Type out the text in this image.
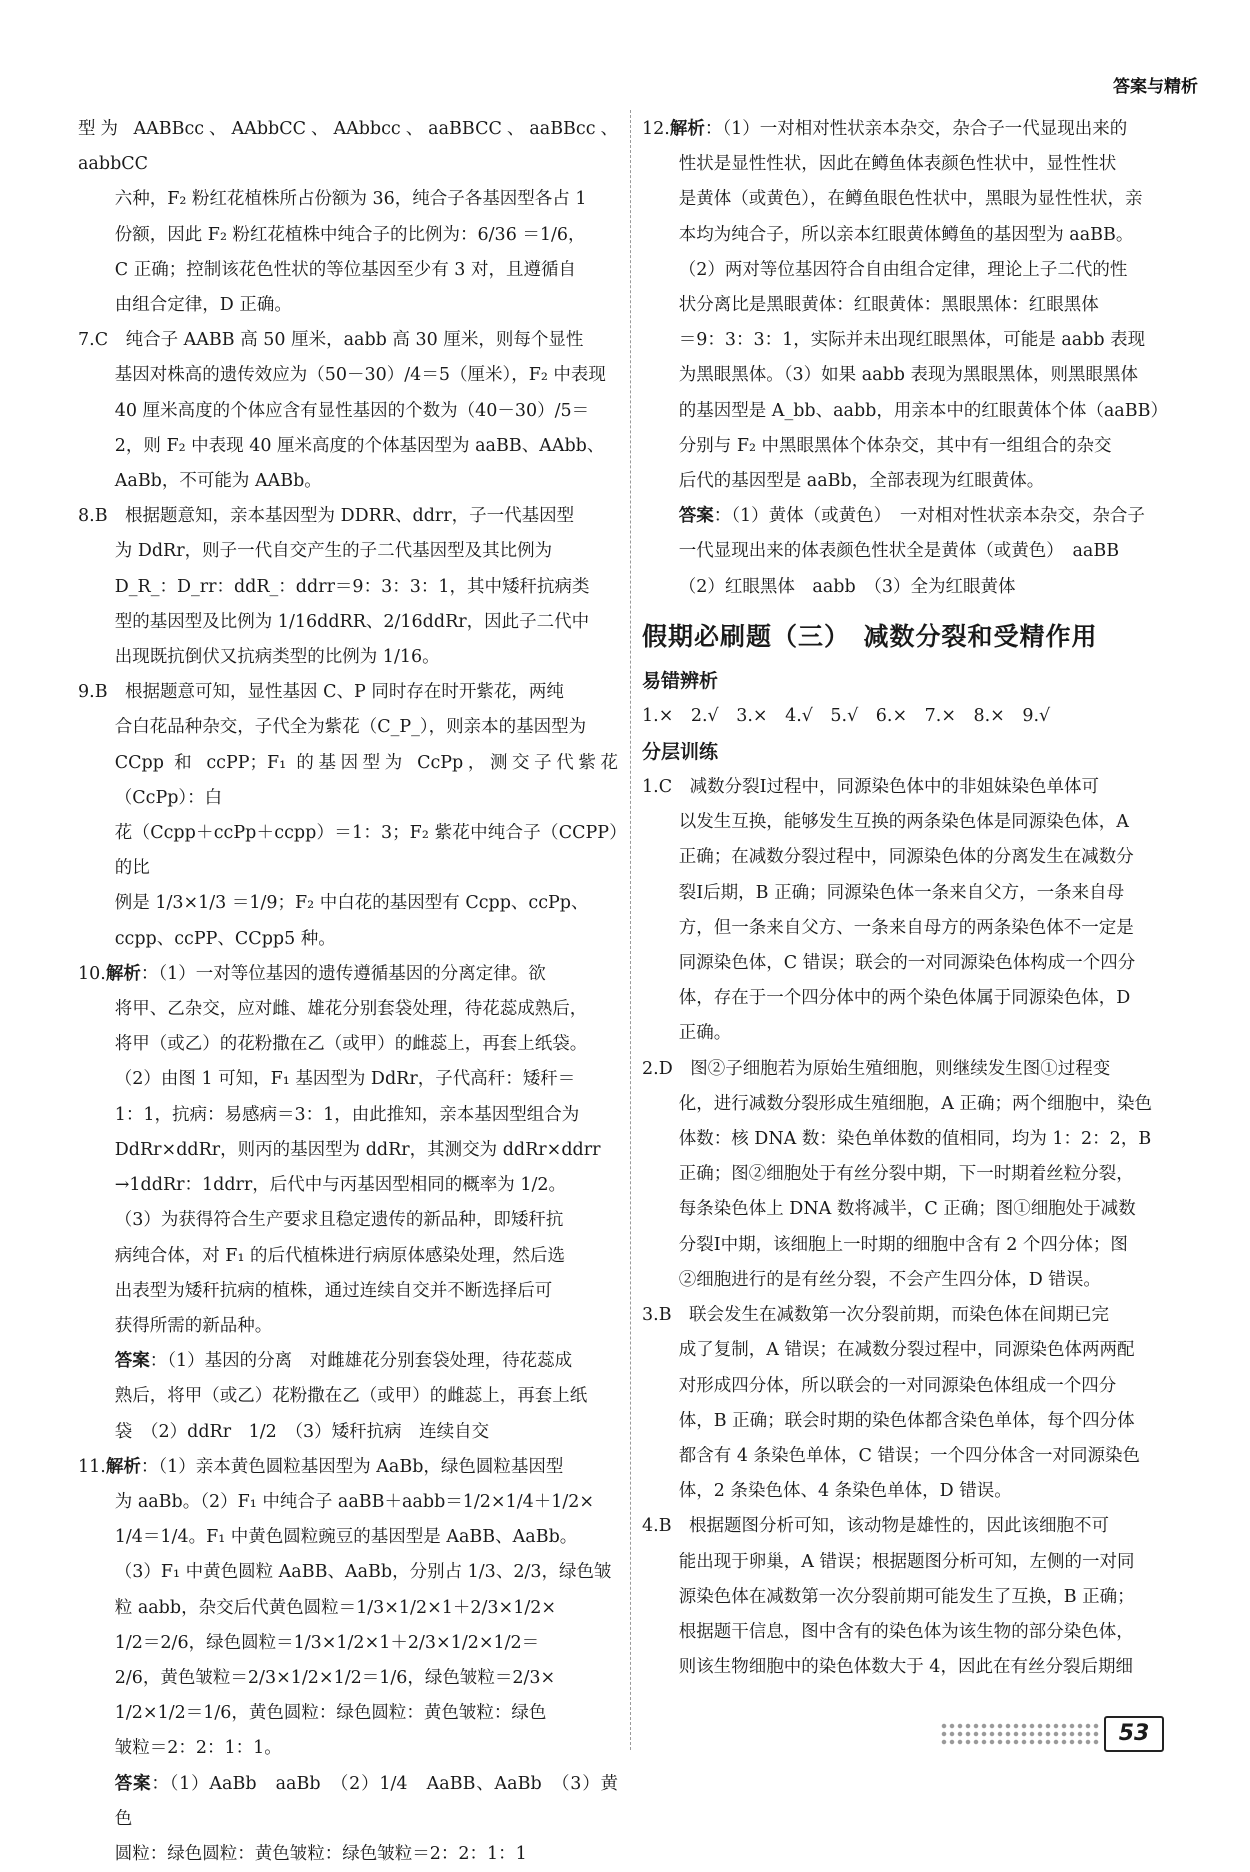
答案与精析

型为 AABBcc、AAbbCC、AAbbcc、aaBBCC、aaBBcc、aabbCC

六种，F₂ 粉红花植株所占份额为 36，纯合子各基因型各占 1

份额，因此 F₂ 粉红花植株中纯合子的比例为：6/36 ＝1/6，

C 正确；控制该花色性状的等位基因至少有 3 对，且遵循自

由组合定律，D 正确。

7.C　纯合子 AABB 高 50 厘米，aabb 高 30 厘米，则每个显性

基因对株高的遗传效应为（50－30）/4＝5（厘米），F₂ 中表现

40 厘米高度的个体应含有显性基因的个数为（40－30）/5＝

2，则 F₂ 中表现 40 厘米高度的个体基因型为 aaBB、AAbb、

AaBb，不可能为 AABb。

8.B　根据题意知，亲本基因型为 DDRR、ddrr，子一代基因型

为 DdRr，则子一代自交产生的子二代基因型及其比例为

D_R_：D_rr：ddR_：ddrr＝9：3：3：1，其中矮秆抗病类

型的基因型及比例为 1/16ddRR、2/16ddRr，因此子二代中

出现既抗倒伏又抗病类型的比例为 1/16。

9.B　根据题意可知，显性基因 C、P 同时存在时开紫花，两纯

合白花品种杂交，子代全为紫花（C_P_），则亲本的基因型为

CCpp 和 ccPP；F₁ 的基因型为 CcPp，测交子代紫花（CcPp）：白

花（Ccpp＋ccPp＋ccpp）＝1：3；F₂ 紫花中纯合子（CCPP）的比

例是 1/3×1/3 ＝1/9；F₂ 中白花的基因型有 Ccpp、ccPp、

ccpp、ccPP、CCpp5 种。

10.解析：（1）一对等位基因的遗传遵循基因的分离定律。欲

将甲、乙杂交，应对雌、雄花分别套袋处理，待花蕊成熟后，

将甲（或乙）的花粉撒在乙（或甲）的雌蕊上，再套上纸袋。

（2）由图 1 可知，F₁ 基因型为 DdRr，子代高秆：矮秆＝

1：1，抗病：易感病＝3：1，由此推知，亲本基因型组合为

DdRr×ddRr，则丙的基因型为 ddRr，其测交为 ddRr×ddrr

→1ddRr：1ddrr，后代中与丙基因型相同的概率为 1/2。

（3）为获得符合生产要求且稳定遗传的新品种，即矮秆抗

病纯合体，对 F₁ 的后代植株进行病原体感染处理，然后选

出表型为矮秆抗病的植株，通过连续自交并不断选择后可

获得所需的新品种。

答案：（1）基因的分离　对雌雄花分别套袋处理，待花蕊成

熟后，将甲（或乙）花粉撒在乙（或甲）的雌蕊上，再套上纸

袋　（2）ddRr　1/2　（3）矮秆抗病　连续自交

11.解析：（1）亲本黄色圆粒基因型为 AaBb，绿色圆粒基因型

为 aaBb。（2）F₁ 中纯合子 aaBB＋aabb＝1/2×1/4＋1/2×

1/4＝1/4。F₁ 中黄色圆粒豌豆的基因型是 AaBB、AaBb。

（3）F₁ 中黄色圆粒 AaBB、AaBb，分别占 1/3、2/3，绿色皱

粒 aabb，杂交后代黄色圆粒＝1/3×1/2×1＋2/3×1/2×

1/2＝2/6，绿色圆粒＝1/3×1/2×1＋2/3×1/2×1/2＝

2/6，黄色皱粒＝2/3×1/2×1/2＝1/6，绿色皱粒＝2/3×

1/2×1/2＝1/6，黄色圆粒：绿色圆粒：黄色皱粒：绿色

皱粒＝2：2：1：1。

答案：（1）AaBb　aaBb　（2）1/4　AaBB、AaBb　（3）黄色

圆粒：绿色圆粒：黄色皱粒：绿色皱粒＝2：2：1：1

12.解析：（1）一对相对性状亲本杂交，杂合子一代显现出来的

性状是显性性状，因此在鳟鱼体表颜色性状中，显性性状

是黄体（或黄色），在鳟鱼眼色性状中，黑眼为显性性状，亲

本均为纯合子，所以亲本红眼黄体鳟鱼的基因型为 aaBB。

（2）两对等位基因符合自由组合定律，理论上子二代的性

状分离比是黑眼黄体：红眼黄体：黑眼黑体：红眼黑体

＝9：3：3：1，实际并未出现红眼黑体，可能是 aabb 表现

为黑眼黑体。（3）如果 aabb 表现为黑眼黑体，则黑眼黑体

的基因型是 A_bb、aabb，用亲本中的红眼黄体个体（aaBB）

分别与 F₂ 中黑眼黑体个体杂交，其中有一组组合的杂交

后代的基因型是 aaBb，全部表现为红眼黄体。

答案：（1）黄体（或黄色）　一对相对性状亲本杂交，杂合子

一代显现出来的体表颜色性状全是黄体（或黄色）　aaBB

（2）红眼黑体　aabb　（3）全为红眼黄体

假期必刷题（三）　减数分裂和受精作用

易错辨析

1.×　2.√　3.×　4.√　5.√　6.×　7.×　8.×　9.√

分层训练

1.C　减数分裂Ⅰ过程中，同源染色体中的非姐妹染色单体可

以发生互换，能够发生互换的两条染色体是同源染色体，A

正确；在减数分裂过程中，同源染色体的分离发生在减数分

裂Ⅰ后期，B 正确；同源染色体一条来自父方，一条来自母

方，但一条来自父方、一条来自母方的两条染色体不一定是

同源染色体，C 错误；联会的一对同源染色体构成一个四分

体，存在于一个四分体中的两个染色体属于同源染色体，D

正确。

2.D　图②子细胞若为原始生殖细胞，则继续发生图①过程变

化，进行减数分裂形成生殖细胞，A 正确；两个细胞中，染色

体数：核 DNA 数：染色单体数的值相同，均为 1：2：2，B

正确；图②细胞处于有丝分裂中期，下一时期着丝粒分裂，

每条染色体上 DNA 数将减半，C 正确；图①细胞处于减数

分裂Ⅰ中期，该细胞上一时期的细胞中含有 2 个四分体；图

②细胞进行的是有丝分裂，不会产生四分体，D 错误。

3.B　联会发生在减数第一次分裂前期，而染色体在间期已完

成了复制，A 错误；在减数分裂过程中，同源染色体两两配

对形成四分体，所以联会的一对同源染色体组成一个四分

体，B 正确；联会时期的染色体都含染色单体，每个四分体

都含有 4 条染色单体，C 错误；一个四分体含一对同源染色

体，2 条染色体、4 条染色单体，D 错误。

4.B　根据题图分析可知，该动物是雄性的，因此该细胞不可

能出现于卵巢，A 错误；根据题图分析可知，左侧的一对同

源染色体在减数第一次分裂前期可能发生了互换，B 正确；

根据题干信息，图中含有的染色体为该生物的部分染色体，

则该生物细胞中的染色体数大于 4，因此在有丝分裂后期细

53
